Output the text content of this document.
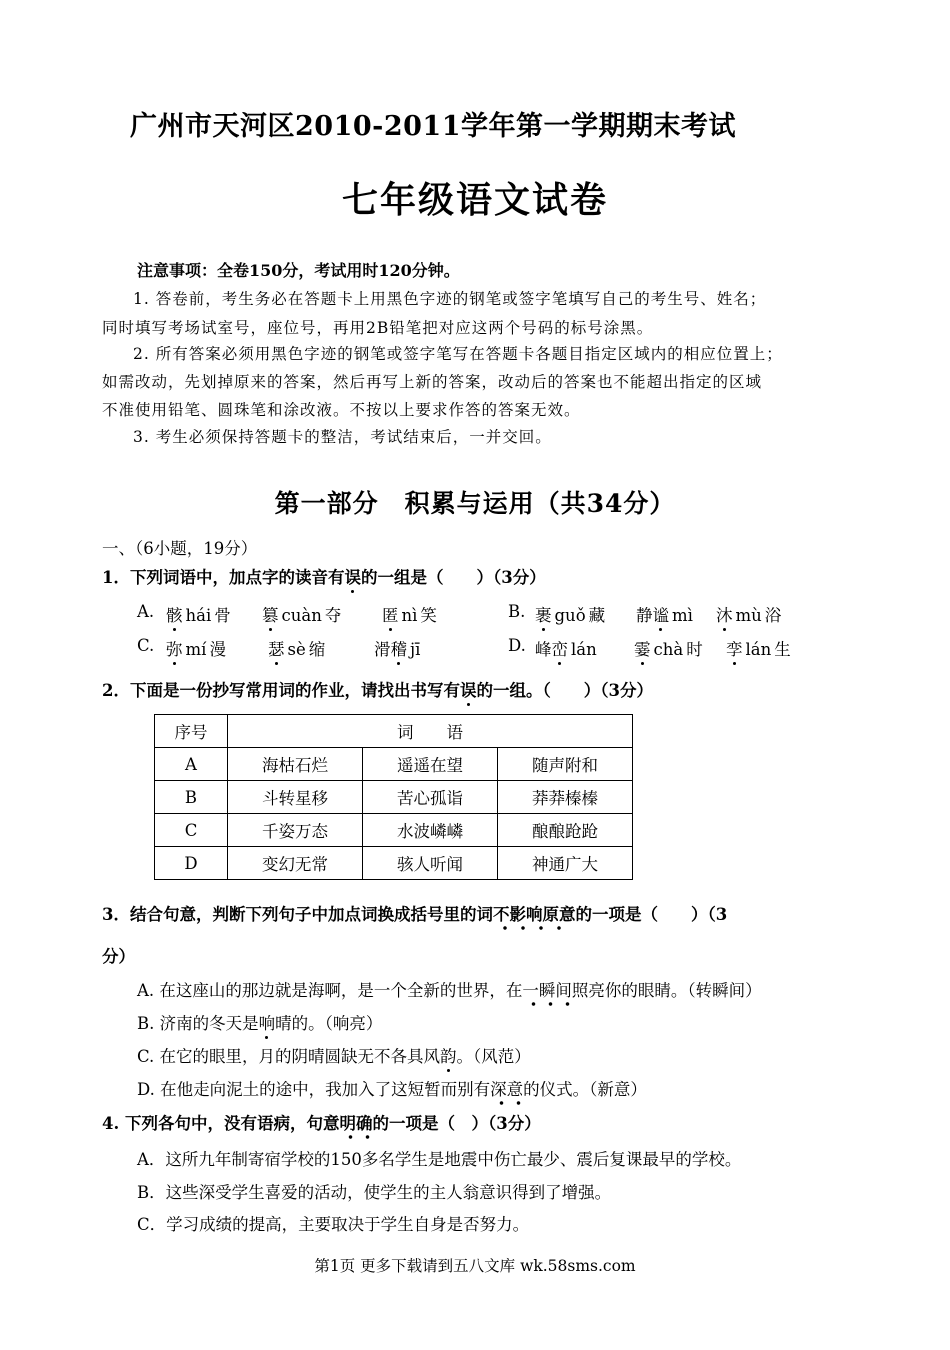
广州市天河区2010-2011学年第一学期期末考试
七年级语文试卷
注意事项：全卷150分，考试用时120分钟。
1. 答卷前，考生务必在答题卡上用黑色字迹的钢笔或签字笔填写自己的考生号、姓名；
同时填写考场试室号，座位号，再用2B铅笔把对应这两个号码的标号涂黑。
2. 所有答案必须用黑色字迹的钢笔或签字笔写在答题卡各题目指定区域内的相应位置上；
如需改动，先划掉原来的答案，然后再写上新的答案，改动后的答案也不能超出指定的区域
不准使用铅笔、圆珠笔和涂改液。不按以上要求作答的答案无效。
3. 考生必须保持答题卡的整洁，考试结束后，一并交回。
第一部分　积累与运用（共34分）
一、（6小题，19分）
1．下列词语中，加点字的读音有误的一组是（　　）（3分）
A. 骸 hái 骨 篡 cuàn 夺 匿 nì 笑	B. 裹 guǒ 藏 静谧 mì 沐 mù 浴
C. 弥 mí 漫	瑟 sè 缩	滑稽 jī	D. 峰峦 lán 霎 chà 时 孪 lán 生
2．下面是一份抄写常用词的作业，请找出书写有误的一组。（　　）（3分）
序号	词　　语		
A	海枯石烂	遥遥在望	随声附和
B	斗转星移	苦心孤诣	莽莽榛榛
C	千姿万态	水波嶙嶙	酿酿跄跄
D	变幻无常	骇人听闻	神通广大
3．结合句意，判断下列句子中加点词换成括号里的词不影响原意的一项是（　　）（3
分）
A. 在这座山的那边就是海啊，是一个全新的世界，在一瞬间照亮你的眼睛。（转瞬间）
B. 济南的冬天是响晴的。（响亮）
C. 在它的眼里，月的阴晴圆缺无不各具风韵。（风范）
D. 在他走向泥土的途中，我加入了这短暂而别有深意的仪式。（新意）
4. 下列各句中，没有语病，句意明确的一项是（　）（3分）
A．这所九年制寄宿学校的150多名学生是地震中伤亡最少、震后复课最早的学校。
B．这些深受学生喜爱的活动，使学生的主人翁意识得到了增强。
C．学习成绩的提高，主要取决于学生自身是否努力。
第1页 更多下载请到五八文库 wk.58sms.com
